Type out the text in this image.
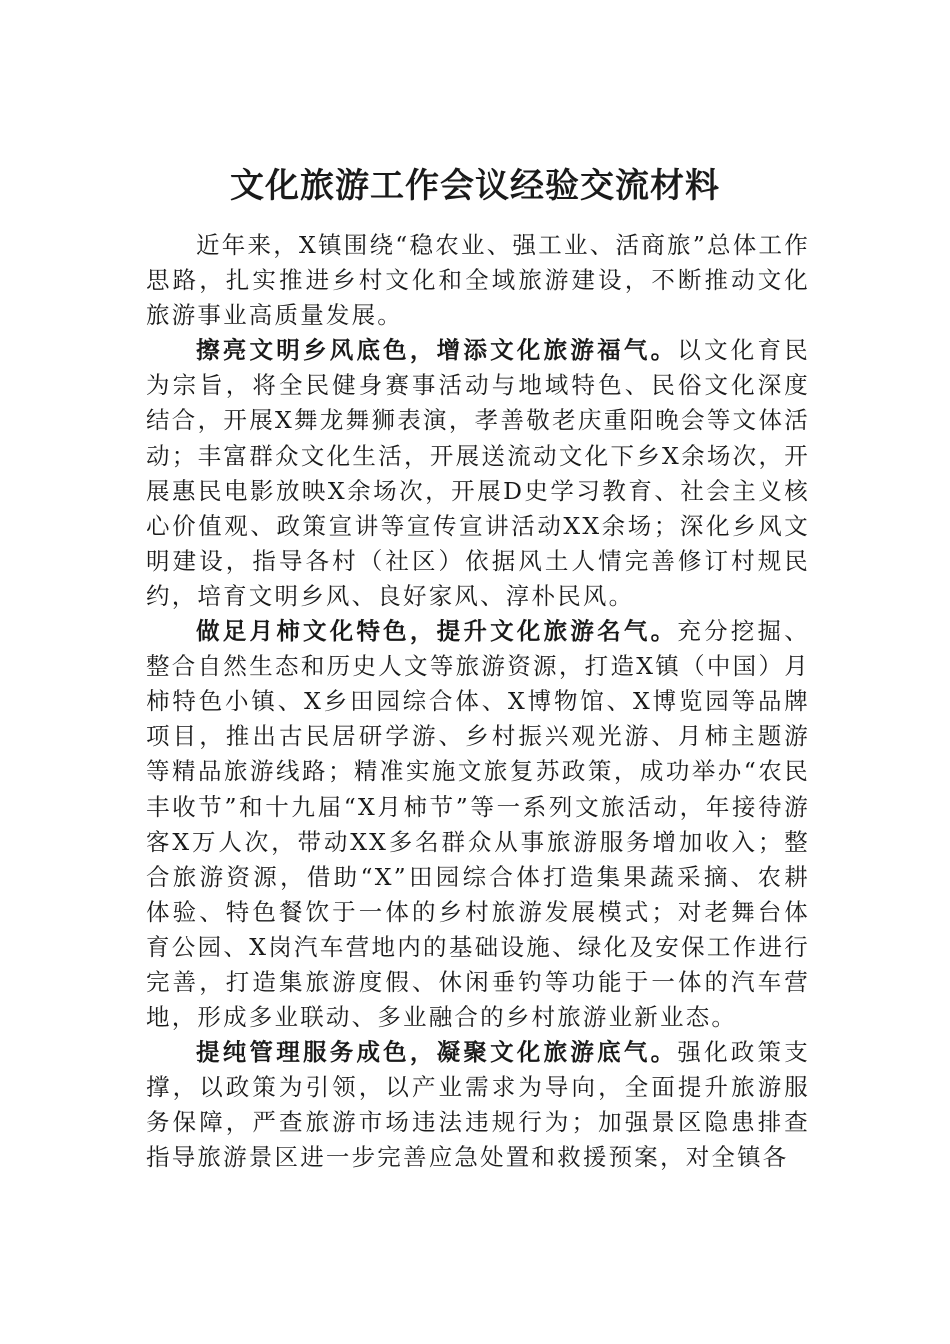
文化旅游工作会议经验交流材料

近年来，X镇围绕“稳农业、强工业、活商旅”总体工作思路，扎实推进乡村文化和全域旅游建设，不断推动文化旅游事业高质量发展。

擦亮文明乡风底色，增添文化旅游福气。以文化育民为宗旨，将全民健身赛事活动与地域特色、民俗文化深度结合，开展X舞龙舞狮表演，孝善敬老庆重阳晚会等文体活动；丰富群众文化生活，开展送流动文化下乡X余场次，开展惠民电影放映X余场次，开展D史学习教育、社会主义核心价值观、政策宣讲等宣传宣讲活动XX余场；深化乡风文明建设，指导各村（社区）依据风土人情完善修订村规民约，培育文明乡风、良好家风、淳朴民风。

做足月柿文化特色，提升文化旅游名气。充分挖掘、整合自然生态和历史人文等旅游资源，打造X镇（中国）月柿特色小镇、X乡田园综合体、X博物馆、X博览园等品牌项目，推出古民居研学游、乡村振兴观光游、月柿主题游等精品旅游线路；精准实施文旅复苏政策，成功举办“农民丰收节”和十九届“X月柿节”等一系列文旅活动，年接待游客X万人次，带动XX多名群众从事旅游服务增加收入；整合旅游资源，借助“X”田园综合体打造集果蔬采摘、农耕体验、特色餐饮于一体的乡村旅游发展模式；对老舞台体育公园、X岗汽车营地内的基础设施、绿化及安保工作进行完善，打造集旅游度假、休闲垂钓等功能于一体的汽车营地，形成多业联动、多业融合的乡村旅游业新业态。

提纯管理服务成色，凝聚文化旅游底气。强化政策支撑，以政策为引领，以产业需求为导向，全面提升旅游服务保障，严查旅游市场违法违规行为；加强景区隐患排查指导旅游景区进一步完善应急处置和救援预案，对全镇各
